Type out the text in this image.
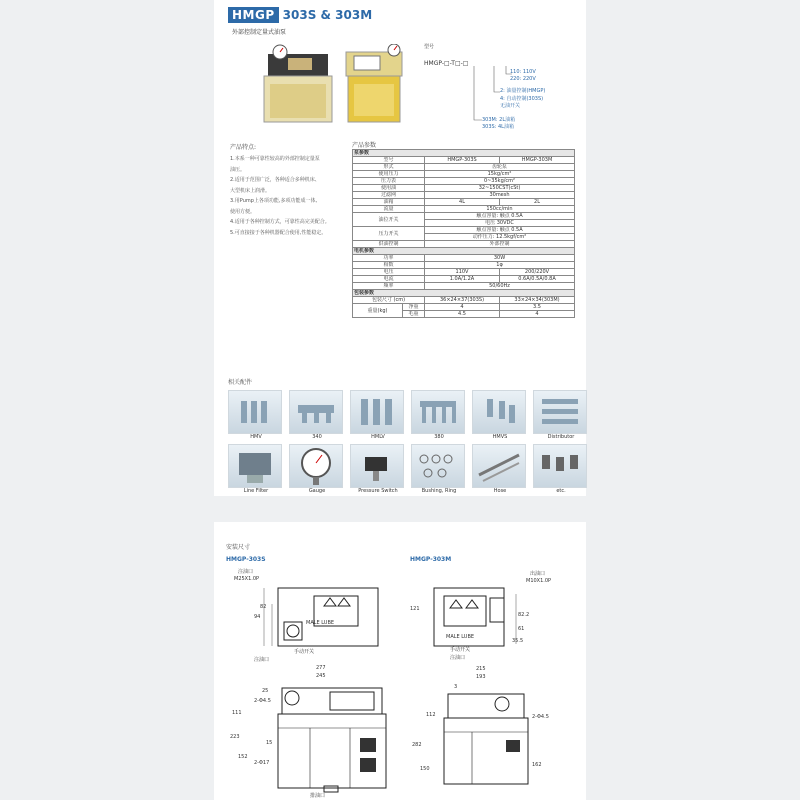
HMGP 303S & 303M
外部控制定量式油泵
型号
HMGP-□-T□-□
110: 110V
220: 220V
2: 油量控制(HMGP)
4: 自动控制(303S)
无油开关
303M: 2L油箱
303S: 4L油箱
产品特点:
1.本系一种可靠性较高的外部控制定量泵
油压。
2.适用于范围广泛，各种适合多种机床、
大型机床上润滑。
3.用Pump上各项功能,多项功能成一体,
使用方便。
4.适用于各种控制方式，可靠性高完美配合。
5.可直接接于各种机器配合使用,性能稳定。
产品参数
泵参数			
型号		HMGP-303S	HMGP-303M
形式		齿轮泵	
使用压力		15kg/cm²	
压力表		0~35kg/cm²	
使用油		32~150CST(cSt)	
过滤网		30mesh	
油箱		4L	2L
流量		150cc/min	
油位开关		触点容量: 触点 0.5A	
		电压 30VDC	
压力开关		触点容量: 触点 0.5A	
		动作压力: 12.5kgf/cm²	
供油控制		外部控制	
电机参数			
功率		30W	
相数		1φ	
电压		110V	200/220V
电流		1.0A/1.2A	0.6A/0.5A/0.8A
频率		50/60Hz	
包装参数			
包装尺寸 (cm)		36×24×37(303S)	33×24×34(303M)
重量(kg)	净重	4	3.5
	毛重	4.5	4
相关配件
HMV	340	HMLV	380	HMVS	Distributor
Line Filter	Gauge	Pressure Switch	Bushing, Ring	Hose	etc.
安装尺寸
HMGP-303S	HMGP-303M
注油口
M25X1.0P
出油口
M10X1.0P
MALE LUBE
手动开关
注油口
82
94
121
82.2
61
35.5
MALE LUBE
手动开关
注油口
277
245
25
2-Φ4.5
111
223
152
2-Φ17
15
排油口
215
193
3
2-Φ4.5
112
282
150
162
